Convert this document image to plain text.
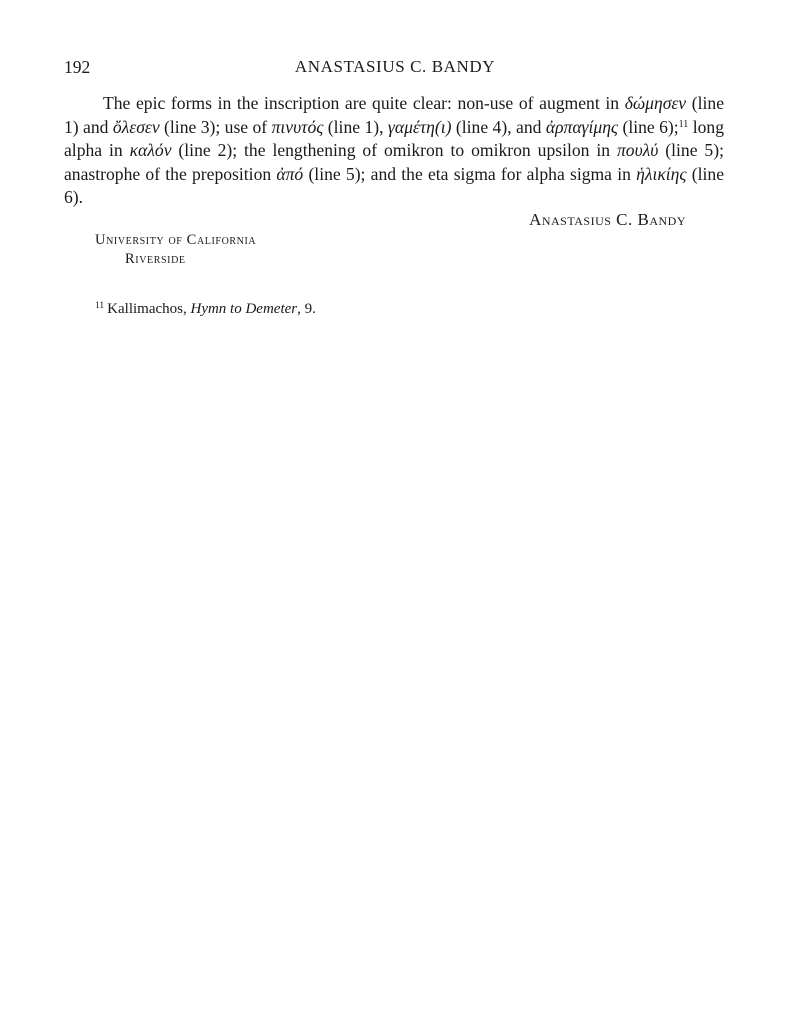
192	ANASTASIUS C. BANDY

The epic forms in the inscription are quite clear: non-use of augment in δώμησεν (line 1) and ὄλεσεν (line 3); use of πινυτός (line 1), γαμέτη(ι) (line 4), and ἀρπαγίμης (line 6);$^{11}$ long alpha in καλόν (line 2); the lengthening of omikron to omikron upsilon in πουλύ (line 5); anastrophe of the preposition ἀπό (line 5); and the eta sigma for alpha sigma in ἡλικίης (line 6).

Anastasius C. Bandy
University of California
Riverside
$^{11}$ Kallimachos, Hymn to Demeter, 9.
